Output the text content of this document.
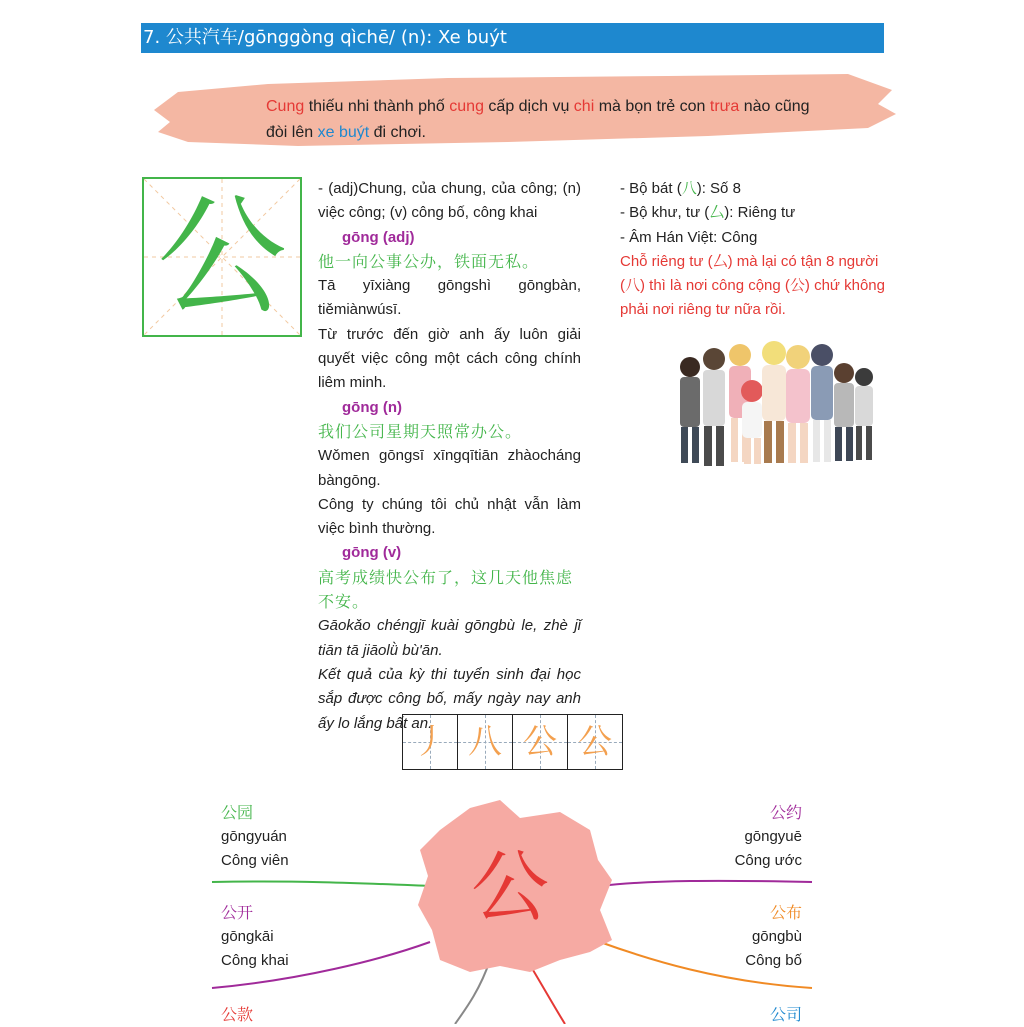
7. 公共汽车/gōnggòng qìchē/ (n): Xe buýt
Cung thiếu nhi thành phố cung cấp dịch vụ chi mà bọn trẻ con trưa nào cũng đòi lên xe buýt đi chơi.
公	- (adj)Chung, của chung, của công; (n) việc công; (v) công bố, công khai

gōng (adj)

他一向公事公办，铁面无私。

Tā yīxiàng gōngshì gōngbàn, tiěmiànwúsī.

Từ trước đến giờ anh ấy luôn giải quyết việc công một cách công chính liêm minh.

gōng (n)

我们公司星期天照常办公。

Wǒmen gōngsī xīngqītiān zhàocháng bàngōng.

Công ty chúng tôi chủ nhật vẫn làm việc bình thường.

gōng (v)

高考成绩快公布了，这几天他焦虑不安。

Gāokǎo chéngjī kuài gōngbù le, zhè jǐ tiān tā jiāolǜ bù'ān.

Kết quả của kỳ thi tuyển sinh đại học sắp được công bố, mấy ngày nay anh ấy lo lắng bất an.

- Bộ bát (八): Số 8

- Bộ khư, tư (厶): Riêng tư

- Âm Hán Việt: Công

Chỗ riêng tư (厶) mà lại có tận 8 người (八) thì là nơi công cộng (公) chứ không phải nơi riêng tư nữa rồi.

丿 八 公 公
公
公园
gōngyuán
Công viên
公开
gōngkāi
Công khai
公款
公约
gōngyuē
Công ước
公布
gōngbù
Công bố
公司
